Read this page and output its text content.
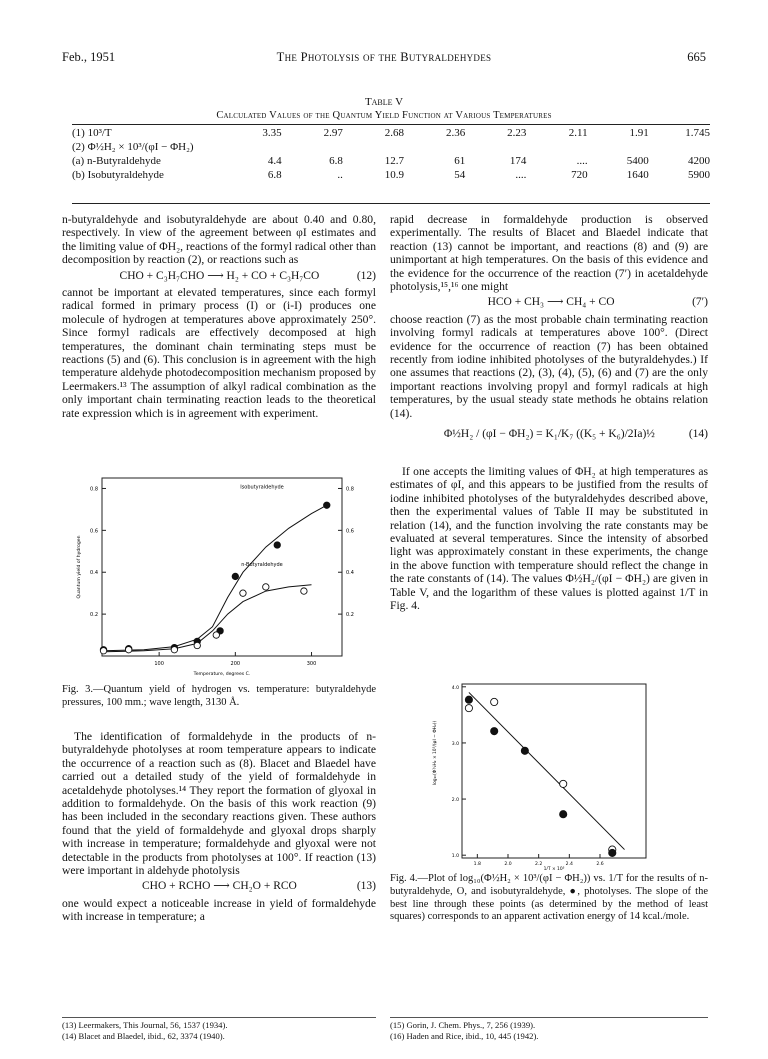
Feb., 1951	The Photolysis of the Butyraldehydes	665
Table V
Calculated Values of the Quantum Yield Function at Various Temperatures
(1) 10³/T	3.35	2.97	2.68	2.36	2.23	2.11	1.91	1.745
(2) Φ½H₂ × 10³/(φI − ΦH₂)								
(a) n-Butyraldehyde	4.4	6.8	12.7	61	174	....	5400	4200
(b) Isobutyraldehyde	6.8	..	10.9	54	....	720	1640	5900

n-butyraldehyde and isobutyraldehyde are about 0.40 and 0.80, respectively. In view of the agreement between φI estimates and the limiting value of ΦH₂, reactions of the formyl radical other than decomposition by reaction (2), or reactions such as

CHO + C₃H₇CHO ⟶ H₂ + CO + C₃H₇CO	(12)

cannot be important at elevated temperatures, since each formyl radical formed in primary process (I) or (i-I) produces one molecule of hydrogen at temperatures above approximately 250°. Since formyl radicals are effectively decomposed at high temperatures, the dominant chain terminating steps must be reactions (5) and (6). This conclusion is in agreement with the high temperature aldehyde photodecomposition mechanism proposed by Leermakers.¹³ The assumption of alkyl radical combination as the only important chain terminating reaction leads to the theoretical rate expression which is in agreement with experiment.

rapid decrease in formaldehyde production is observed experimentally. The results of Blacet and Blaedel indicate that reaction (13) cannot be important, and reactions (8) and (9) are unimportant at high temperatures. On the basis of this evidence and the evidence for the occurrence of the reaction (7′) in acetaldehyde photolysis,¹⁵,¹⁶ one might

HCO + CH₃ ⟶ CH₄ + CO	(7′)

choose reaction (7) as the most probable chain terminating reaction involving formyl radicals at temperatures above 100°. (Direct evidence for the occurrence of reaction (7) has been obtained recently from iodine inhibited photolyses of the butyraldehydes.) If one assumes that reactions (2), (3), (4), (5), (6) and (7) are the only important reactions involving propyl and formyl radicals at high temperatures, by the usual steady state methods he obtains relation (14).

Φ½H₂ / (φI − ΦH₂) = K₁/K₇ ((K₅ + K₆)/2Ia)½	(14)

If one accepts the limiting values of ΦH₂ at high temperatures as estimates of φI, and this appears to be justified from the results of iodine inhibited photolyses of the butyraldehydes described above, then the experimental values of Table II may be substituted in relation (14), and the function involving the rate constants may be evaluated at several temperatures. Since the intensity of absorbed light was approximately constant in these experiments, the change in the above function with temperature should reflect the change in the rate constants of (14). The values Φ½H₂/(φI − ΦH₂) are given in Table V, and the logarithm of these values is plotted against 1/T in Fig. 4.

100	200	300
0.2	0.2
0.4	0.4
0.6	0.6
0.8	0.8
Temperature, degrees C.
Quantum yield of hydrogen
Isobutyraldehyde
n-Butyraldehyde
Fig. 3.—Quantum yield of hydrogen vs. temperature: butyraldehyde pressures, 100 mm.; wave length, 3130 Å.

The identification of formaldehyde in the products of n-butyraldehyde photolyses at room temperature appears to indicate the occurrence of a reaction such as (8). Blacet and Blaedel have carried out a detailed study of the yield of formaldehyde in acetaldehyde photolyses.¹⁴ They report the formation of glyoxal in addition to formaldehyde. On the basis of this work reaction (9) has been included in the secondary reactions given. These authors found that the yield of formaldehyde and glyoxal drops sharply with increase in temperature; formaldehyde and glyoxal were not detectable in the products from photolyses at 100°. If reaction (13) were important in aldehyde photolysis

CHO + RCHO ⟶ CH₂O + RCO	(13)

one would expect a noticeable increase in yield of formaldehyde with increase in temperature; a

1.8	2.0	2.2	2.4	2.6
1.0
2.0
3.0
4.0
1/T × 10³
log₁₀(Φ½H₂ × 10³/(φI − ΦH₂))
Fig. 4.—Plot of log₁₀(Φ½H₂ × 10³/(φI − ΦH₂)) vs. 1/T for the results of n-butyraldehyde, O, and isobutyraldehyde, ●, photolyses. The slope of the best line through these points (as determined by the method of least squares) corresponds to an apparent activation energy of 14 kcal./mole.
(13) Leermakers, This Journal, 56, 1537 (1934).
(14) Blacet and Blaedel, ibid., 62, 3374 (1940).
(15) Gorin, J. Chem. Phys., 7, 256 (1939).
(16) Haden and Rice, ibid., 10, 445 (1942).
